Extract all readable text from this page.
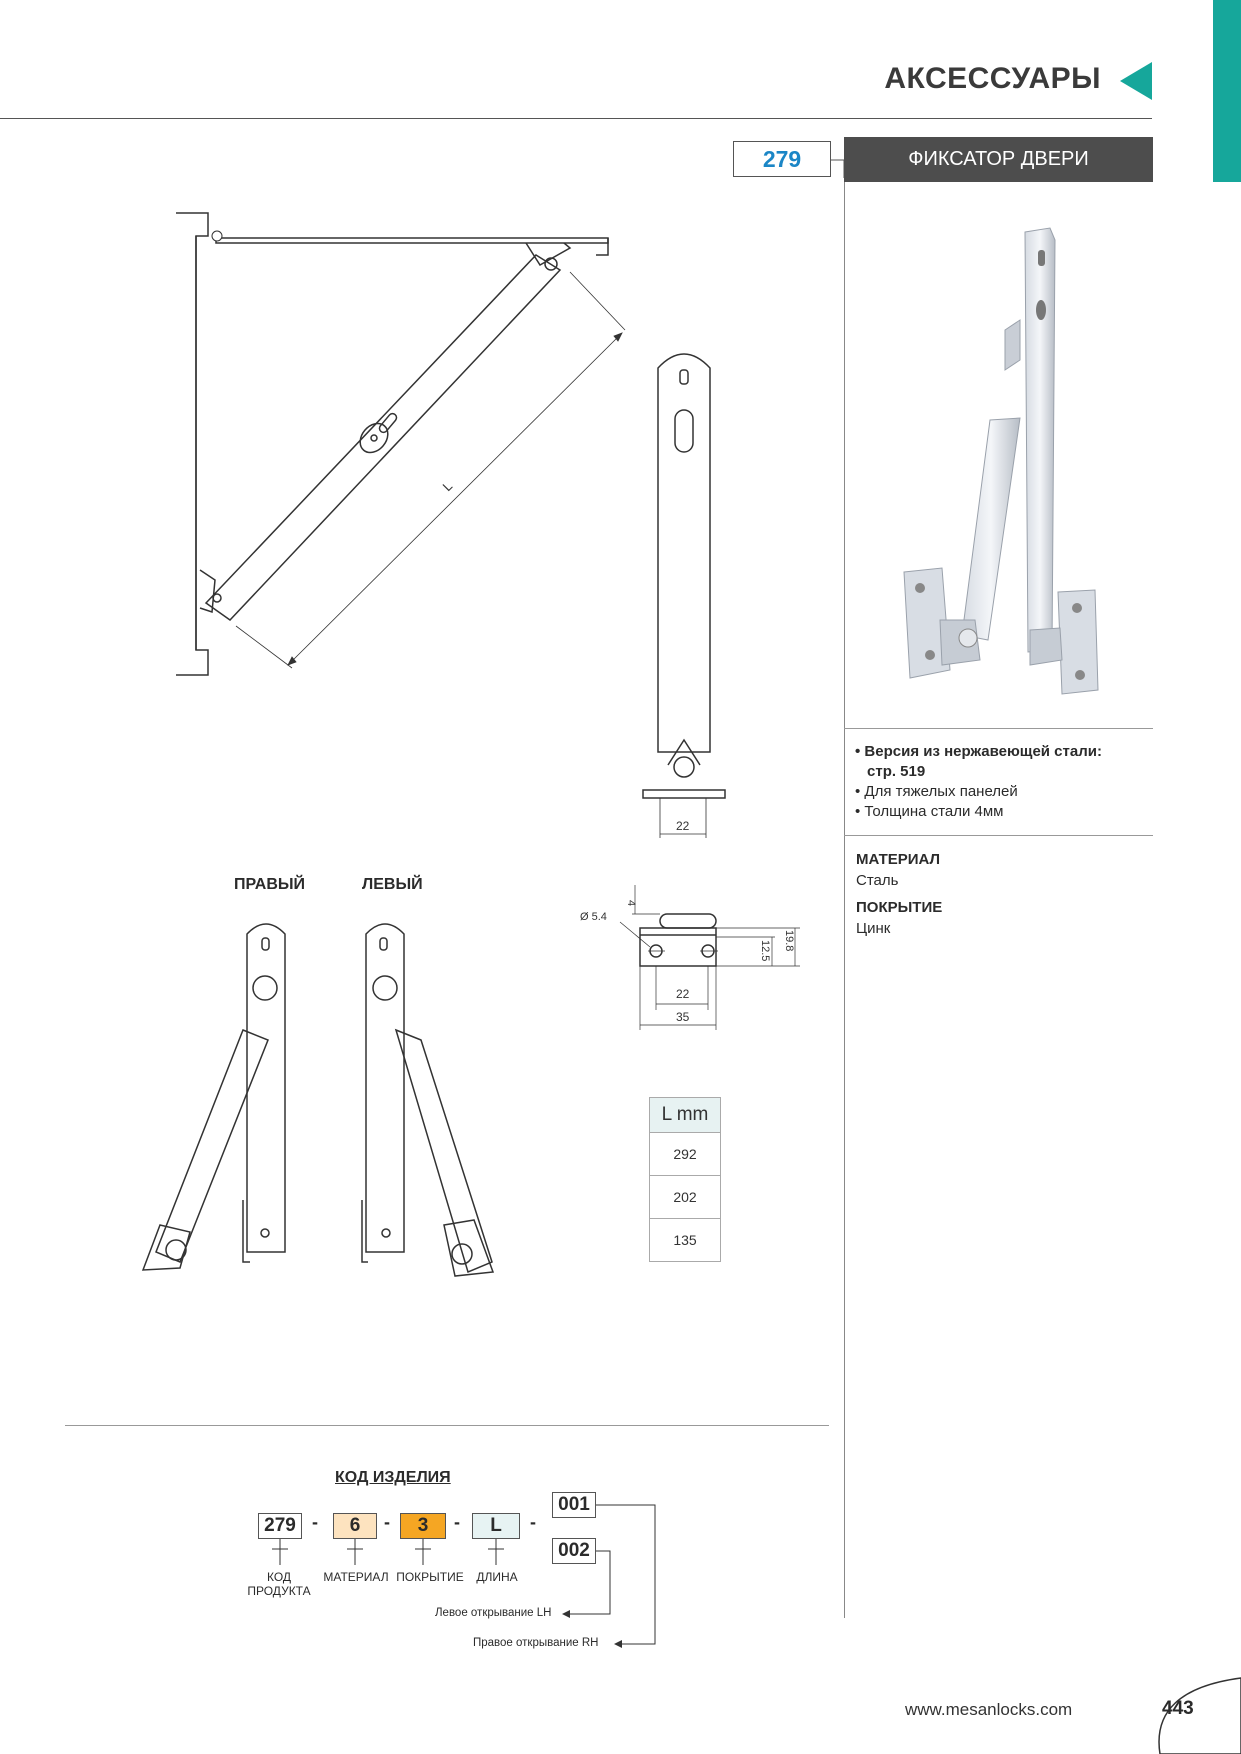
АКСЕССУАРЫ
279	ФИКСАТОР ДВЕРИ
• Версия из нержавеющей стали:
стр. 519
• Для тяжелых панелей
• Толщина стали 4мм
МАТЕРИАЛ
Сталь
ПОКРЫТИЕ
Цинк
L
22
ПРАВЫЙ	ЛЕВЫЙ
Ø 5.4
22
35
4
12.5 19.8
L mm
292
202
135
КОД ИЗДЕЛИЯ
279 -	6	-	3	-	L	-
001
002
КОД ПРОДУКТА
МАТЕРИАЛ ПОКРЫТИЕ	ДЛИНА
Левое открывание LH
Правое открывание RH
www.mesanlocks.com	443
